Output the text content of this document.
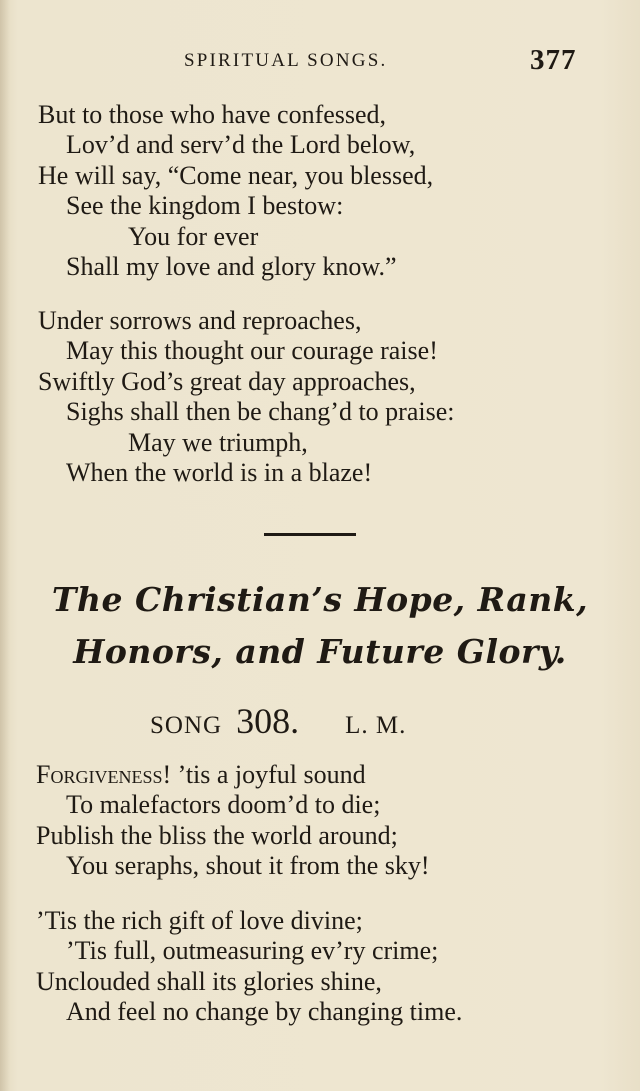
SPIRITUAL SONGS.	377
But to those who have confessed,
Lov’d and serv’d the Lord below,
He will say, “Come near, you blessed,
See the kingdom I bestow:
You for ever
Shall my love and glory know.”
Under sorrows and reproaches,
May this thought our courage raise!
Swiftly God’s great day approaches,
Sighs shall then be chang’d to praise:
May we triumph,
When the world is in a blaze!
The Christian’s Hope, Rank,
Honors, and Future Glory.
SONG 308. L. M.
Forgiveness! ’tis a joyful sound
To malefactors doom’d to die;
Publish the bliss the world around;
You seraphs, shout it from the sky!
’Tis the rich gift of love divine;
’Tis full, outmeasuring ev’ry crime;
Unclouded shall its glories shine,
And feel no change by changing time.
